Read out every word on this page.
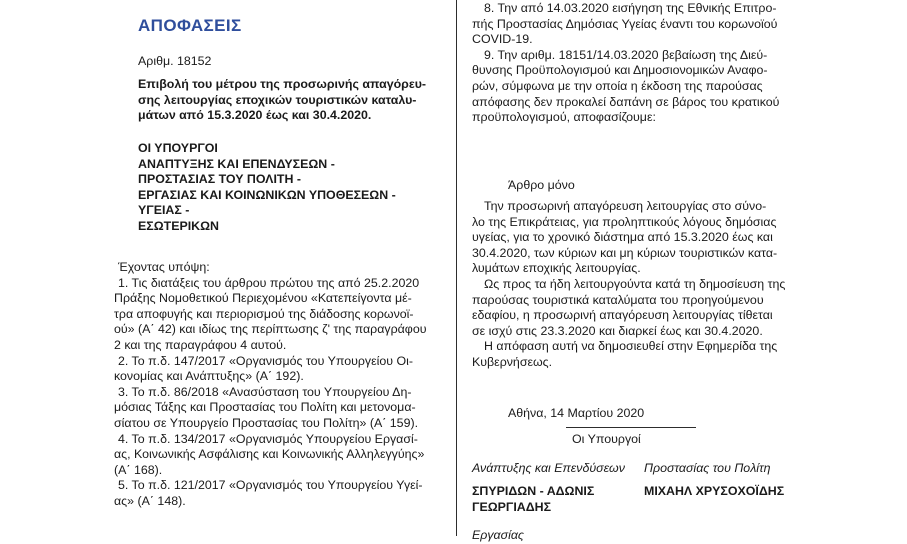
ΑΠΟΦΑΣΕΙΣ
Αριθμ. 18152
Επιβολή του μέτρου της προσωρινής απαγόρευ-
σης λειτουργίας εποχικών τουριστικών καταλυ-
μάτων από 15.3.2020 έως και 30.4.2020.
ΟΙ ΥΠΟΥΡΓΟΙ
ΑΝΑΠΤΥΞΗΣ ΚΑΙ ΕΠΕΝΔΥΣΕΩΝ -
ΠΡΟΣΤΑΣΙΑΣ ΤΟΥ ΠΟΛΙΤΗ -
ΕΡΓΑΣΙΑΣ ΚΑΙ ΚΟΙΝΩΝΙΚΩΝ ΥΠΟΘΕΣΕΩΝ -
ΥΓΕΙΑΣ -
ΕΣΩΤΕΡΙΚΩΝ
Έχοντας υπόψη:
1. Τις διατάξεις του άρθρου πρώτου της από 25.2.2020
Πράξης Νομοθετικού Περιεχομένου «Κατεπείγοντα μέ-
τρα αποφυγής και περιορισμού της διάδοσης κορωνοϊ-
ού» (Α΄ 42) και ιδίως της περίπτωσης ζ' της παραγράφου
2 και της παραγράφου 4 αυτού.
2. Το π.δ. 147/2017 «Οργανισμός του Υπουργείου Οι-
κονομίας και Ανάπτυξης» (Α΄ 192).
3. Το π.δ. 86/2018 «Ανασύσταση του Υπουργείου Δη-
μόσιας Τάξης και Προστασίας του Πολίτη και μετονομα-
σίατου σε Υπουργείο Προστασίας του Πολίτη» (Α΄ 159).
4. Το π.δ. 134/2017 «Οργανισμός Υπουργείου Εργασί-
ας, Κοινωνικής Ασφάλισης και Κοινωνικής Αλληλεγγύης»
(Α΄ 168).
5. Το π.δ. 121/2017 «Οργανισμός του Υπουργείου Υγεί-
ας» (Α΄ 148).
8. Την από 14.03.2020 εισήγηση της Εθνικής Επιτρο-
πής Προστασίας Δημόσιας Υγείας έναντι του κορωνοϊού
COVID-19.
9. Την αριθμ. 18151/14.03.2020 βεβαίωση της Διεύ-
θυνσης Προϋπολογισμού και Δημοσιονομικών Αναφο-
ρών, σύμφωνα με την οποία η έκδοση της παρούσας
απόφασης δεν προκαλεί δαπάνη σε βάρος του κρατικού
προϋπολογισμού, αποφασίζουμε:
Άρθρο μόνο
Την προσωρινή απαγόρευση λειτουργίας στο σύνο-
λο της Επικράτειας, για προληπτικούς λόγους δημόσιας
υγείας, για το χρονικό διάστημα από 15.3.2020 έως και
30.4.2020, των κύριων και μη κύριων τουριστικών κατα-
λυμάτων εποχικής λειτουργίας.
Ως προς τα ήδη λειτουργούντα κατά τη δημοσίευση της
παρούσας τουριστικά καταλύματα του προηγούμενου
εδαφίου, η προσωρινή απαγόρευση λειτουργίας τίθεται
σε ισχύ στις 23.3.2020 και διαρκεί έως και 30.4.2020.
Η απόφαση αυτή να δημοσιευθεί στην Εφημερίδα της
Κυβερνήσεως.
Αθήνα, 14 Μαρτίου 2020
Οι Υπουργοί
Ανάπτυξης και Επενδύσεων Προστασίας του Πολίτη
ΣΠΥΡΙΔΩΝ - ΑΔΩΝΙΣ
ΓΕΩΡΓΙΑΔΗΣ
ΜΙΧΑΗΛ ΧΡΥΣΟΧΟΪΔΗΣ
Εργασίας
